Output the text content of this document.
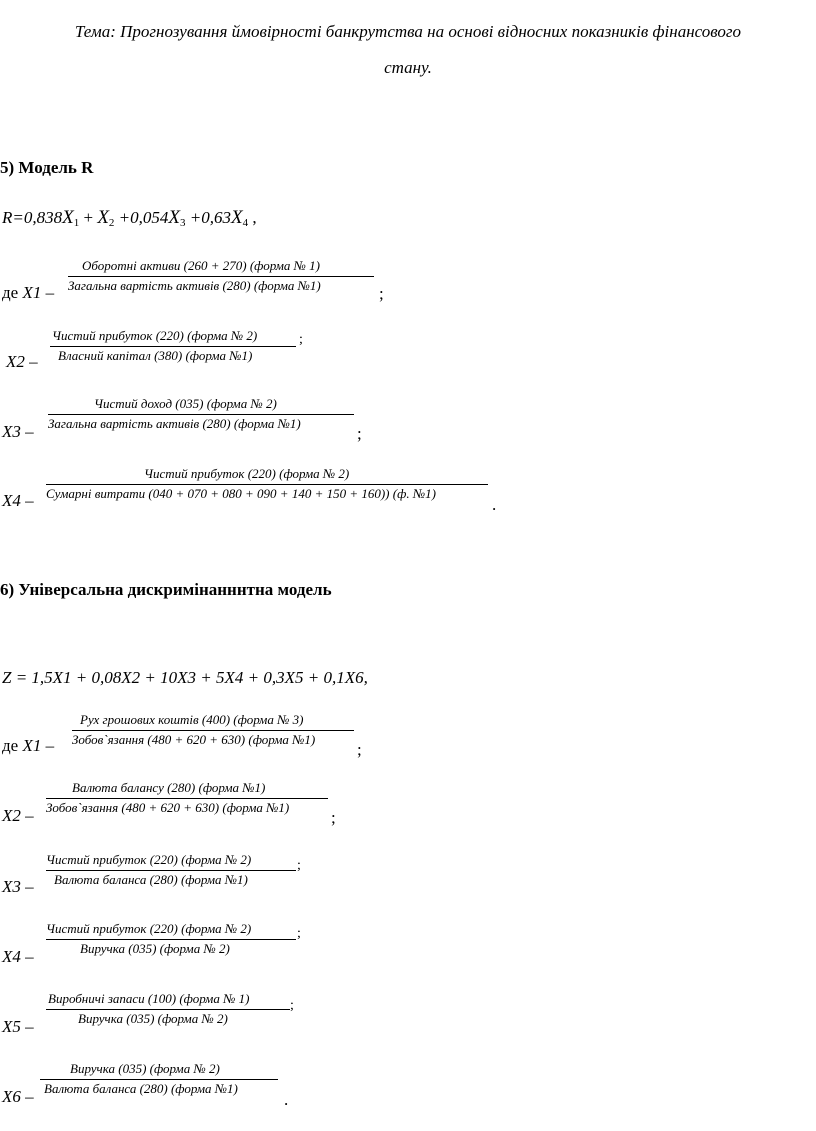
Тема: Прогнозування ймовірності банкрутства на основі відносних показників фінансового
стану.
5) Модель R
$R=0,838X_1 + X_2 +0,054X_3 +0,63X_4$ ,
де X1 –
Оборотні активи (260 + 270) (форма № 1)
Загальна вартість активів (280) (форма №1)	;
X2 –
Чистий прибуток (220) (форма № 2)
Власний капітал (380) (форма №1)
;
X3 –
Чистий доход (035) (форма № 2)
Загальна вартість активів (280) (форма №1)
;
X4 –
Чистий прибуток (220) (форма № 2)
Сумарні витрати (040 + 070 + 080 + 090 + 140 + 150 + 160)) (ф. №1)
.
6) Універсальна дискримінанннтна модель
Z = 1,5X1 + 0,08X2 + 10X3 + 5X4 + 0,3X5 + 0,1X6,
де X1 –
Рух грошових коштів (400) (форма № 3)
Зобов`язання (480 + 620 + 630) (форма №1)
;
X2 –
Валюта балансу (280) (форма №1)
Зобов`язання (480 + 620 + 630) (форма №1)
;
X3 –
Чистий прибуток (220) (форма № 2)
Валюта баланса (280) (форма №1)
;
X4 –
Чистий прибуток (220) (форма № 2)
Виручка (035) (форма № 2)
;
X5 –
Виробничі запаси (100) (форма № 1)
Виручка (035) (форма № 2)
;
X6 –
Виручка (035) (форма № 2)
Валюта баланса (280) (форма №1)
.
